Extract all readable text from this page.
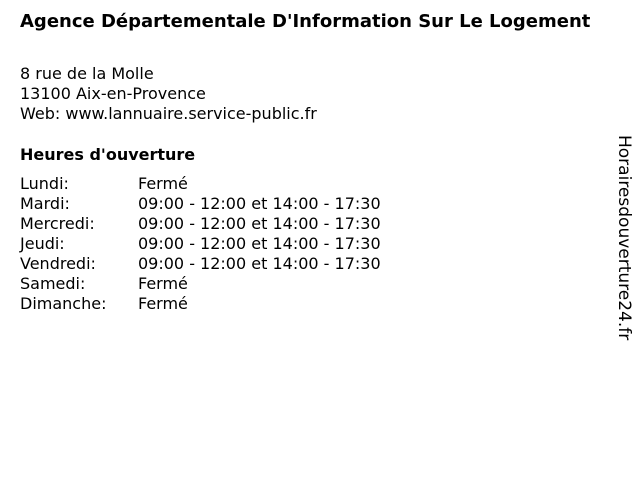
Agence Départementale D'Information Sur Le Logement
8 rue de la Molle
13100 Aix-en-Provence
Web: www.lannuaire.service-public.fr
Heures d'ouverture
Lundi:	Fermé
Mardi:	09:00 - 12:00 et 14:00 - 17:30
Mercredi:	09:00 - 12:00 et 14:00 - 17:30
Jeudi:	09:00 - 12:00 et 14:00 - 17:30
Vendredi:	09:00 - 12:00 et 14:00 - 17:30
Samedi:	Fermé
Dimanche:	Fermé	Horairesdouverture24.fr
